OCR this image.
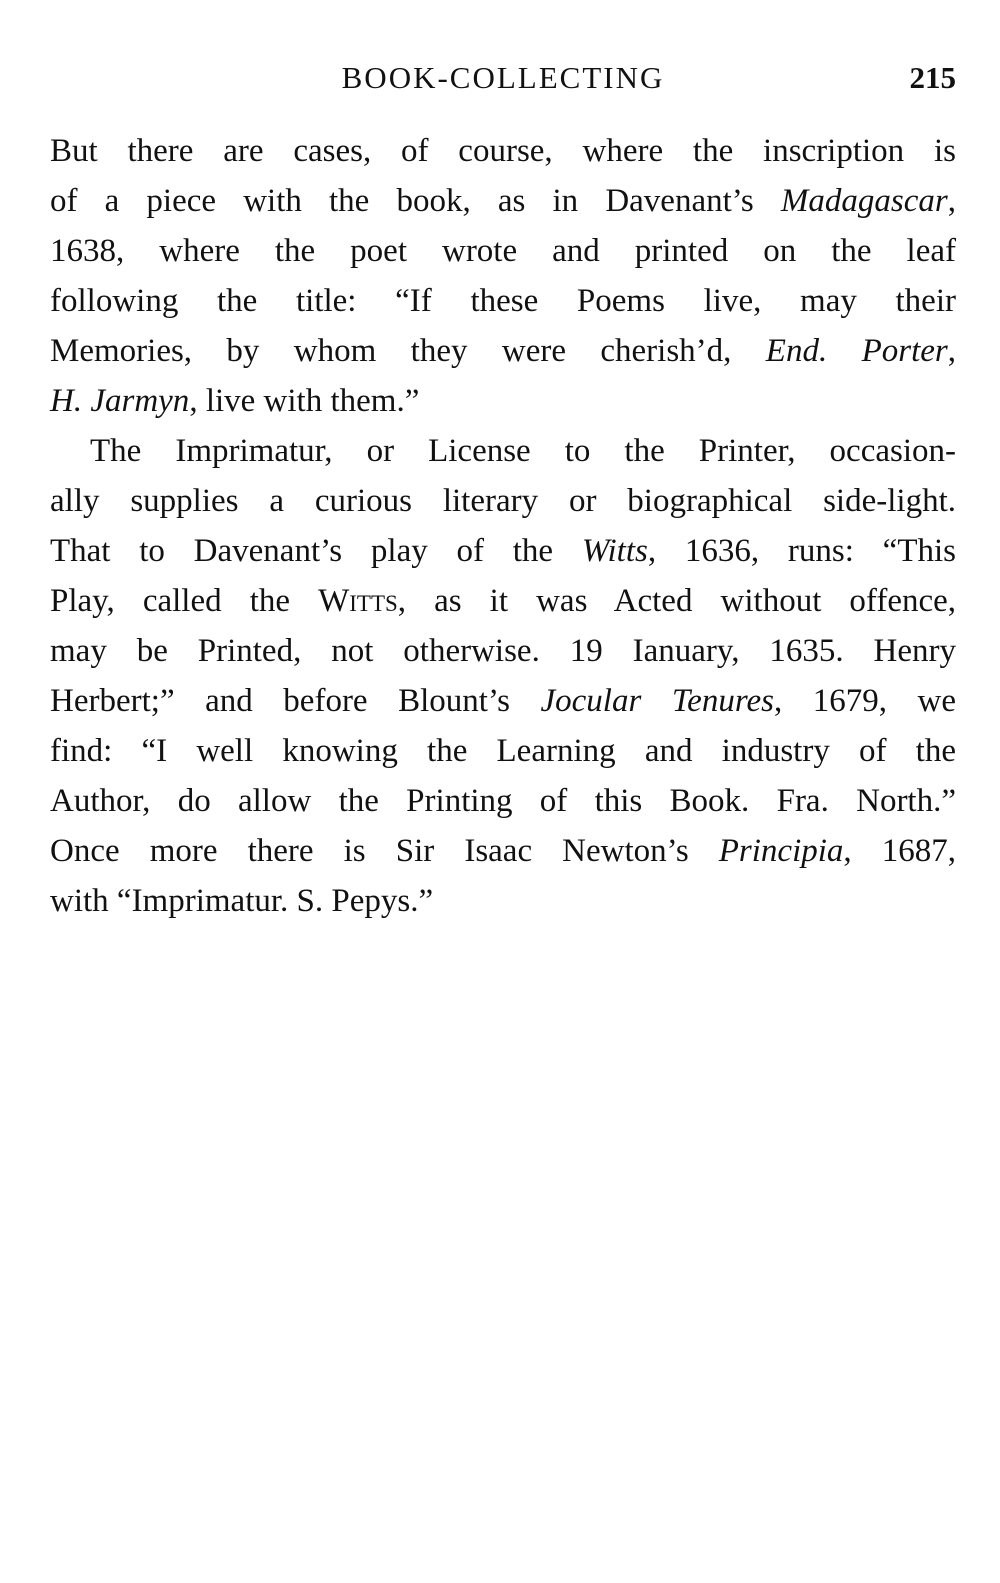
BOOK-COLLECTING	215
But there are cases, of course, where the inscription is
of a piece with the book, as in Davenant’s Madagascar,
1638, where the poet wrote and printed on the leaf
following the title: “If these Poems live, may their
Memories, by whom they were cherish’d, End. Porter,
H. Jarmyn, live with them.”
The Imprimatur, or License to the Printer, occasion-
ally supplies a curious literary or biographical side-light.
That to Davenant’s play of the Witts, 1636, runs: “This
Play, called the Witts, as it was Acted without offence,
may be Printed, not otherwise. 19 Ianuary, 1635. Henry
Herbert;” and before Blount’s Jocular Tenures, 1679, we
find: “I well knowing the Learning and industry of the
Author, do allow the Printing of this Book. Fra. North.”
Once more there is Sir Isaac Newton’s Principia, 1687,
with “Imprimatur. S. Pepys.”
